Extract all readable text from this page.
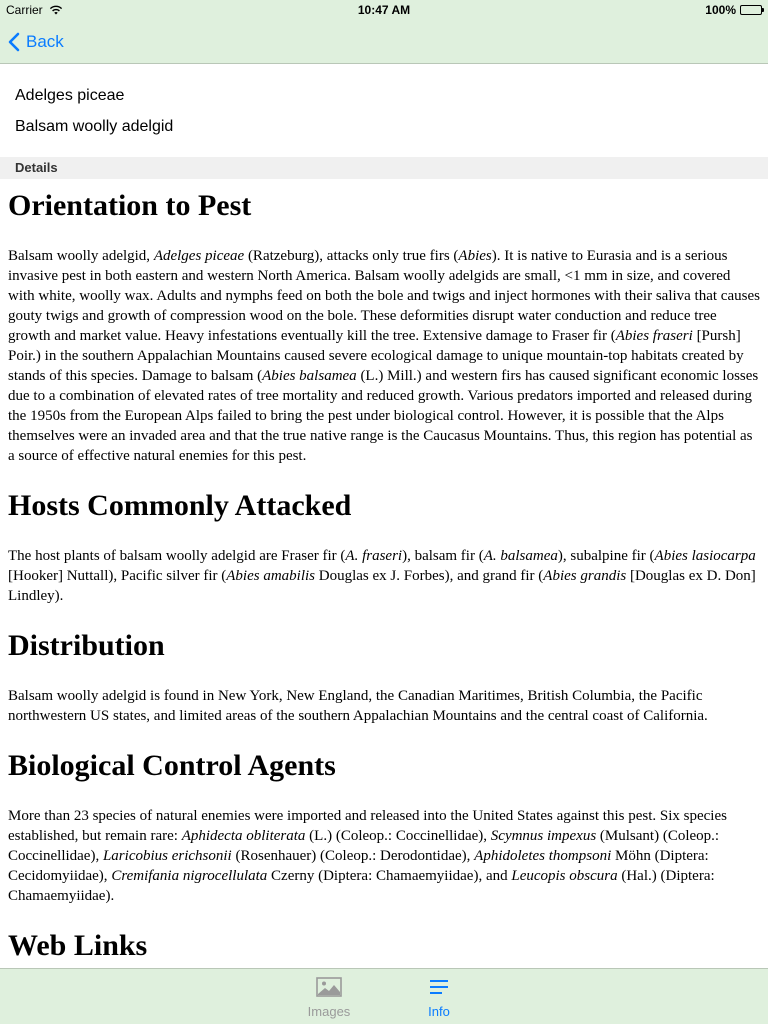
Carrier	10:47 AM	100%
Back
Adelges piceae
Balsam woolly adelgid
Details
Orientation to Pest

Balsam woolly adelgid, Adelges piceae (Ratzeburg), attacks only true firs (Abies). It is native to Eurasia and is a serious invasive pest in both eastern and western North America. Balsam woolly adelgids are small, <1 mm in size, and covered with white, woolly wax. Adults and nymphs feed on both the bole and twigs and inject hormones with their saliva that causes gouty twigs and growth of compression wood on the bole. These deformities disrupt water conduction and reduce tree growth and market value. Heavy infestations eventually kill the tree. Extensive damage to Fraser fir (Abies fraseri [Pursh] Poir.) in the southern Appalachian Mountains caused severe ecological damage to unique mountain-top habitats created by stands of this species. Damage to balsam (Abies balsamea (L.) Mill.) and western firs has caused significant economic losses due to a combination of elevated rates of tree mortality and reduced growth. Various predators imported and released during the 1950s from the European Alps failed to bring the pest under biological control. However, it is possible that the Alps themselves were an invaded area and that the true native range is the Caucasus Mountains. Thus, this region has potential as a source of effective natural enemies for this pest.

Hosts Commonly Attacked

The host plants of balsam woolly adelgid are Fraser fir (A. fraseri), balsam fir (A. balsamea), subalpine fir (Abies lasiocarpa [Hooker] Nuttall), Pacific silver fir (Abies amabilis Douglas ex J. Forbes), and grand fir (Abies grandis [Douglas ex D. Don] Lindley).

Distribution

Balsam woolly adelgid is found in New York, New England, the Canadian Maritimes, British Columbia, the Pacific northwestern US states, and limited areas of the southern Appalachian Mountains and the central coast of California.

Biological Control Agents

More than 23 species of natural enemies were imported and released into the United States against this pest. Six species established, but remain rare: Aphidecta obliterata (L.) (Coleop.: Coccinellidae), Scymnus impexus (Mulsant) (Coleop.: Coccinellidae), Laricobius erichsonii (Rosenhauer) (Coleop.: Derodontidae), Aphidoletes thompsoni Möhn (Diptera: Cecidomyiidae), Cremifania nigrocellulata Czerny (Diptera: Chamaemyiidae), and Leucopis obscura (Hal.) (Diptera: Chamaemyiidae).

Web Links
Images	Info
